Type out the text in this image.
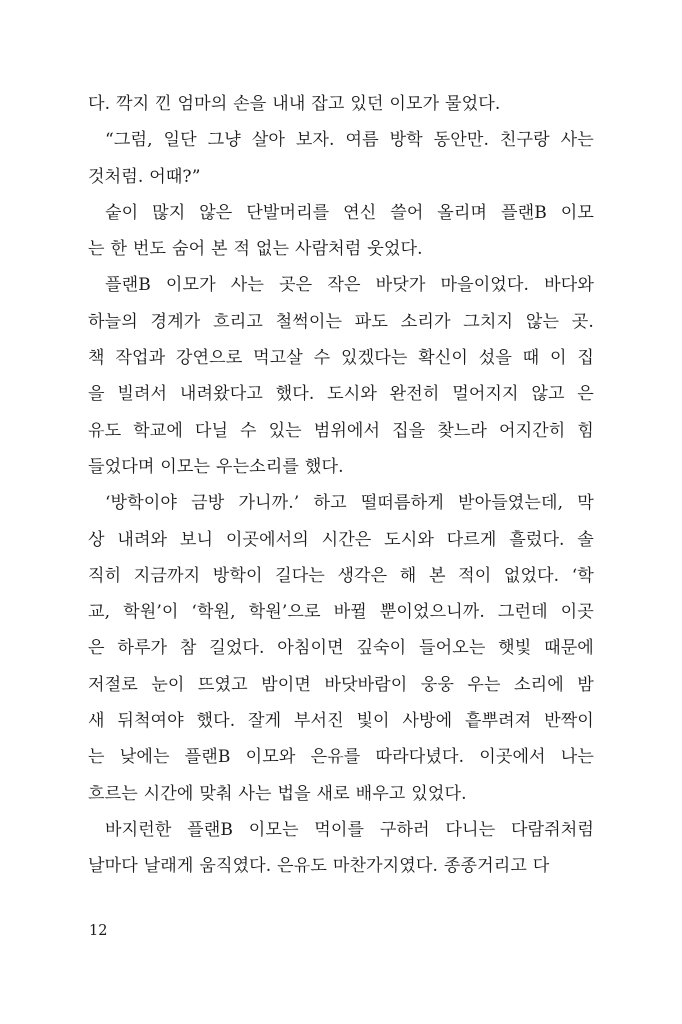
다. 깍지 낀 엄마의 손을 내내 잡고 있던 이모가 물었다.

“그럼, 일단 그냥 살아 보자. 여름 방학 동안만. 친구랑 사는
것처럼. 어때?”

숱이 많지 않은 단발머리를 연신 쓸어 올리며 플랜B 이모
는 한 번도 숨어 본 적 없는 사람처럼 웃었다.

플랜B 이모가 사는 곳은 작은 바닷가 마을이었다. 바다와
하늘의 경계가 흐리고 철썩이는 파도 소리가 그치지 않는 곳.
책 작업과 강연으로 먹고살 수 있겠다는 확신이 섰을 때 이 집
을 빌려서 내려왔다고 했다. 도시와 완전히 멀어지지 않고 은
유도 학교에 다닐 수 있는 범위에서 집을 찾느라 어지간히 힘
들었다며 이모는 우는소리를 했다.

‘방학이야 금방 가니까.’ 하고 떨떠름하게 받아들였는데, 막
상 내려와 보니 이곳에서의 시간은 도시와 다르게 흘렀다. 솔
직히 지금까지 방학이 길다는 생각은 해 본 적이 없었다. ‘학
교, 학원’이 ‘학원, 학원’으로 바뀔 뿐이었으니까. 그런데 이곳
은 하루가 참 길었다. 아침이면 깊숙이 들어오는 햇빛 때문에
저절로 눈이 뜨였고 밤이면 바닷바람이 웅웅 우는 소리에 밤
새 뒤척여야 했다. 잘게 부서진 빛이 사방에 흩뿌려져 반짝이
는 낮에는 플랜B 이모와 은유를 따라다녔다. 이곳에서 나는
흐르는 시간에 맞춰 사는 법을 새로 배우고 있었다.

바지런한 플랜B 이모는 먹이를 구하러 다니는 다람쥐처럼
날마다 날래게 움직였다. 은유도 마찬가지였다. 종종거리고 다

12
